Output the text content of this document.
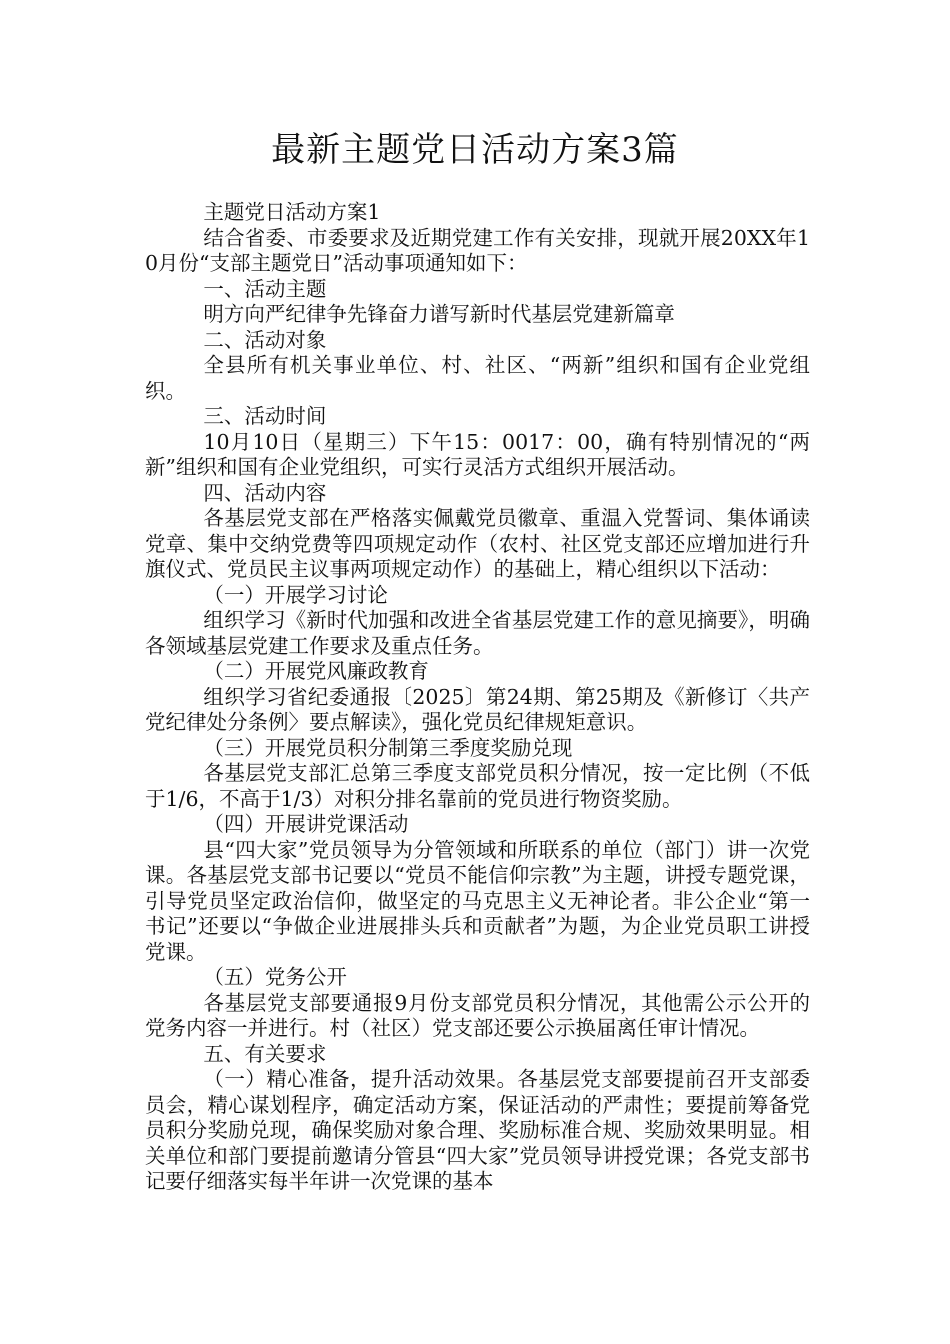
最新主题党日活动方案3篇

主题党日活动方案1

结合省委、市委要求及近期党建工作有关安排，现就开展20XX年10月份“支部主题党日”活动事项通知如下：

一、活动主题

明方向严纪律争先锋奋力谱写新时代基层党建新篇章

二、活动对象

全县所有机关事业单位、村、社区、“两新”组织和国有企业党组织。

三、活动时间

10月10日（星期三）下午15：0017：00，确有特别情况的“两新”组织和国有企业党组织，可实行灵活方式组织开展活动。

四、活动内容

各基层党支部在严格落实佩戴党员徽章、重温入党誓词、集体诵读党章、集中交纳党费等四项规定动作（农村、社区党支部还应增加进行升旗仪式、党员民主议事两项规定动作）的基础上，精心组织以下活动：

（一）开展学习讨论

组织学习《新时代加强和改进全省基层党建工作的意见摘要》，明确各领域基层党建工作要求及重点任务。

（二）开展党风廉政教育

组织学习省纪委通报〔2025〕第24期、第25期及《新修订〈共产党纪律处分条例〉要点解读》，强化党员纪律规矩意识。

（三）开展党员积分制第三季度奖励兑现

各基层党支部汇总第三季度支部党员积分情况，按一定比例（不低于1/6，不高于1/3）对积分排名靠前的党员进行物资奖励。

（四）开展讲党课活动

县“四大家”党员领导为分管领域和所联系的单位（部门）讲一次党课。各基层党支部书记要以“党员不能信仰宗教”为主题，讲授专题党课，引导党员坚定政治信仰，做坚定的马克思主义无神论者。非公企业“第一书记”还要以“争做企业进展排头兵和贡献者”为题，为企业党员职工讲授党课。

（五）党务公开

各基层党支部要通报9月份支部党员积分情况，其他需公示公开的党务内容一并进行。村（社区）党支部还要公示换届离任审计情况。

五、有关要求

（一）精心准备，提升活动效果。各基层党支部要提前召开支部委员会，精心谋划程序，确定活动方案，保证活动的严肃性；要提前筹备党员积分奖励兑现，确保奖励对象合理、奖励标准合规、奖励效果明显。相关单位和部门要提前邀请分管县“四大家”党员领导讲授党课；各党支部书记要仔细落实每半年讲一次党课的基本
